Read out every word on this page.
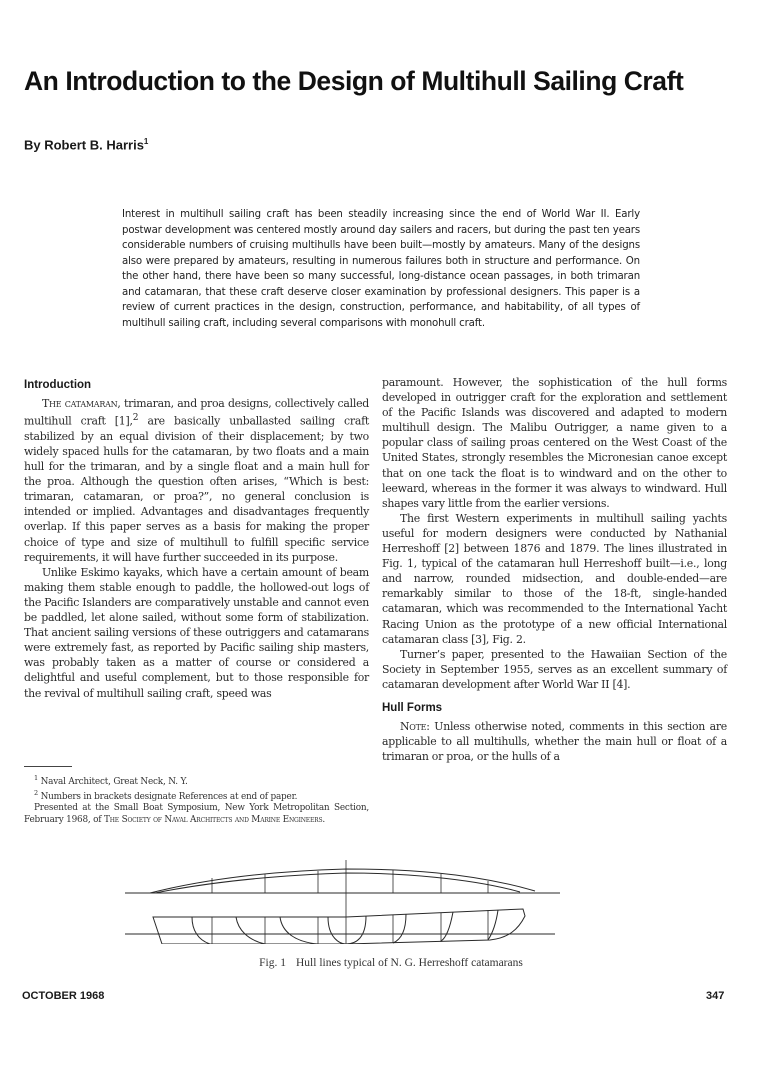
An Introduction to the Design of Multihull Sailing Craft
By Robert B. Harris$^1$
Interest in multihull sailing craft has been steadily increasing since the end of World War II. Early postwar development was centered mostly around day sailers and racers, but during the past ten years considerable numbers of cruising multihulls have been built—mostly by amateurs. Many of the designs also were prepared by amateurs, resulting in numerous failures both in structure and performance. On the other hand, there have been so many successful, long-distance ocean passages, in both trimaran and catamaran, that these craft deserve closer examination by professional designers. This paper is a review of current practices in the design, construction, performance, and habitability, of all types of multihull sailing craft, including several comparisons with monohull craft.
Introduction

The catamaran, trimaran, and proa designs, collectively called multihull craft [1],$^2$ are basically unballasted sailing craft stabilized by an equal division of their displacement; by two widely spaced hulls for the catamaran, by two floats and a main hull for the trimaran, and by a single float and a main hull for the proa. Although the question often arises, “Which is best: trimaran, catamaran, or proa?”, no general conclusion is intended or implied. Advantages and disadvantages frequently overlap. If this paper serves as a basis for making the proper choice of type and size of multihull to fulfill specific service requirements, it will have further succeeded in its purpose.

Unlike Eskimo kayaks, which have a certain amount of beam making them stable enough to paddle, the hollowed-out logs of the Pacific Islanders are comparatively unstable and cannot even be paddled, let alone sailed, without some form of stabilization. That ancient sailing versions of these outriggers and catamarans were extremely fast, as reported by Pacific sailing ship masters, was probably taken as a matter of course or considered a delightful and useful complement, but to those responsible for the revival of multihull sailing craft, speed was

$^1$ Naval Architect, Great Neck, N. Y.

$^2$ Numbers in brackets designate References at end of paper.

Presented at the Small Boat Symposium, New York Metropolitan Section, February 1968, of The Society of Naval Architects and Marine Engineers.

paramount. However, the sophistication of the hull forms developed in outrigger craft for the exploration and settlement of the Pacific Islands was discovered and adapted to modern multihull design. The Malibu Outrigger, a name given to a popular class of sailing proas centered on the West Coast of the United States, strongly resembles the Micronesian canoe except that on one tack the float is to windward and on the other to leeward, whereas in the former it was always to windward. Hull shapes vary little from the earlier versions.

The first Western experiments in multihull sailing yachts useful for modern designers were conducted by Nathanial Herreshoff [2] between 1876 and 1879. The lines illustrated in Fig. 1, typical of the catamaran hull Herreshoff built—i.e., long and narrow, rounded midsection, and double-ended—are remarkably similar to those of the 18-ft, single-handed catamaran, which was recommended to the International Yacht Racing Union as the prototype of a new official International catamaran class [3], Fig. 2.

Turner’s paper, presented to the Hawaiian Section of the Society in September 1955, serves as an excellent summary of catamaran development after World War II [4].

Hull Forms

Note: Unless otherwise noted, comments in this section are applicable to all multihulls, whether the main hull or float of a trimaran or proa, or the hulls of a

Fig. 1 Hull lines typical of N. G. Herreshoff catamarans
OCTOBER 1968	347
